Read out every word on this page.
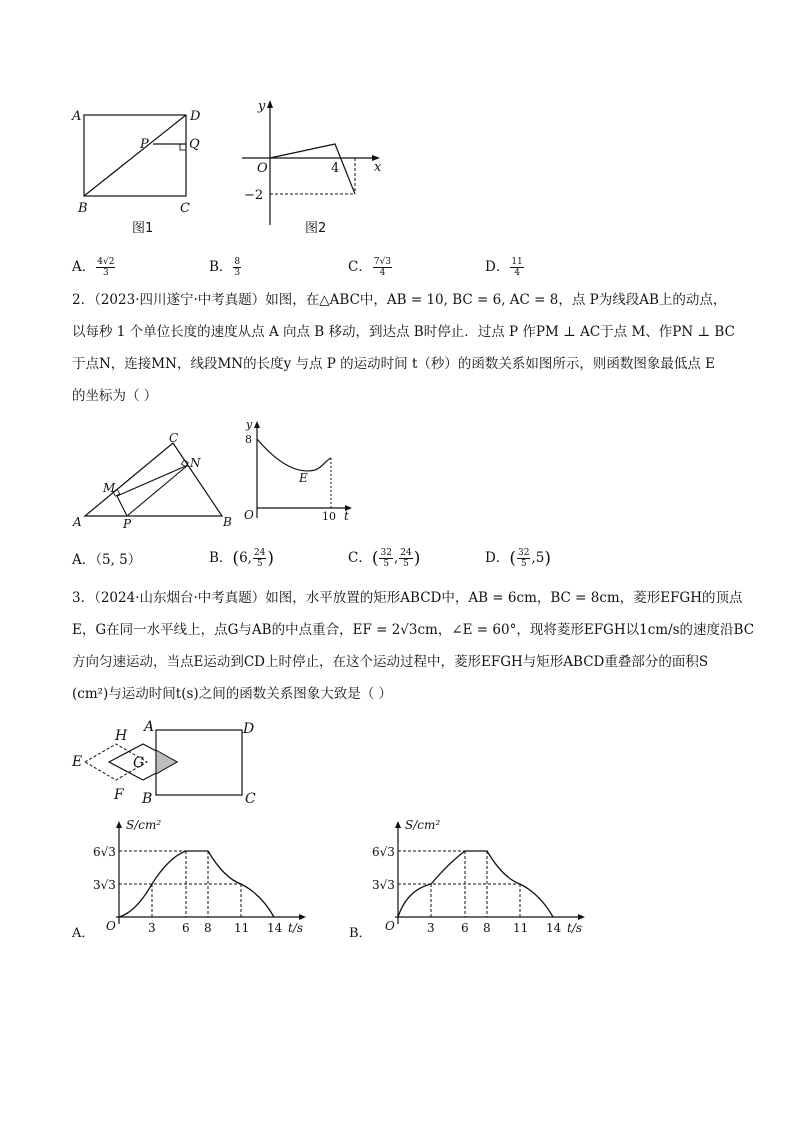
A	D
P	Q
B	C
图1
y
x
O	4
−2
图2
A． $\frac{4√2}{3}$	B． $\frac{8}{3}$	C． $\frac{7√3}{4}$	D． $\frac{11}{4}$
2．（2023·四川遂宁·中考真题）如图，在△ABC中，AB = 10, BC = 6, AC = 8，点 P为线段AB上的动点，
以每秒 1 个单位长度的速度从点 A 向点 B 移动，到达点 B时停止．过点 P 作PM ⊥ AC于点 M、作PN ⊥ BC
于点N，连接MN，线段MN的长度y 与点 P 的运动时间 t（秒）的函数关系如图所示，则函数图象最低点 E
的坐标为（ ）
C
N
M
A	P	B
y
8
O	10 t
E
A．（5, 5）	B．(6, $\frac{24}{5}$ )	C．( $\frac{32}{5}$ , $\frac{24}{5}$ )	D．( $\frac{32}{5} ,5$)
3．（2024·山东烟台·中考真题）如图，水平放置的矩形ABCD中，AB = 6cm，BC = 8cm，菱形EFGH的顶点
E，G在同一水平线上，点G与AB的中点重合，EF = 2√3cm，∠E = 60°，现将菱形EFGH以1cm/s的速度沿BC
方向匀速运动，当点E运动到CD上时停止，在这个运动过程中，菱形EFGH与矩形ABCD重叠部分的面积S
(cm²)与运动时间t(s)之间的函数关系图象大致是（ ）
A	D
H
E	G
F B	C
A．
S/cm²
6√3
3√3
O	3 6 8 11 14 t/s	B．
S/cm²
6√3
3√3
O	3 6 8 11 14 t/s
